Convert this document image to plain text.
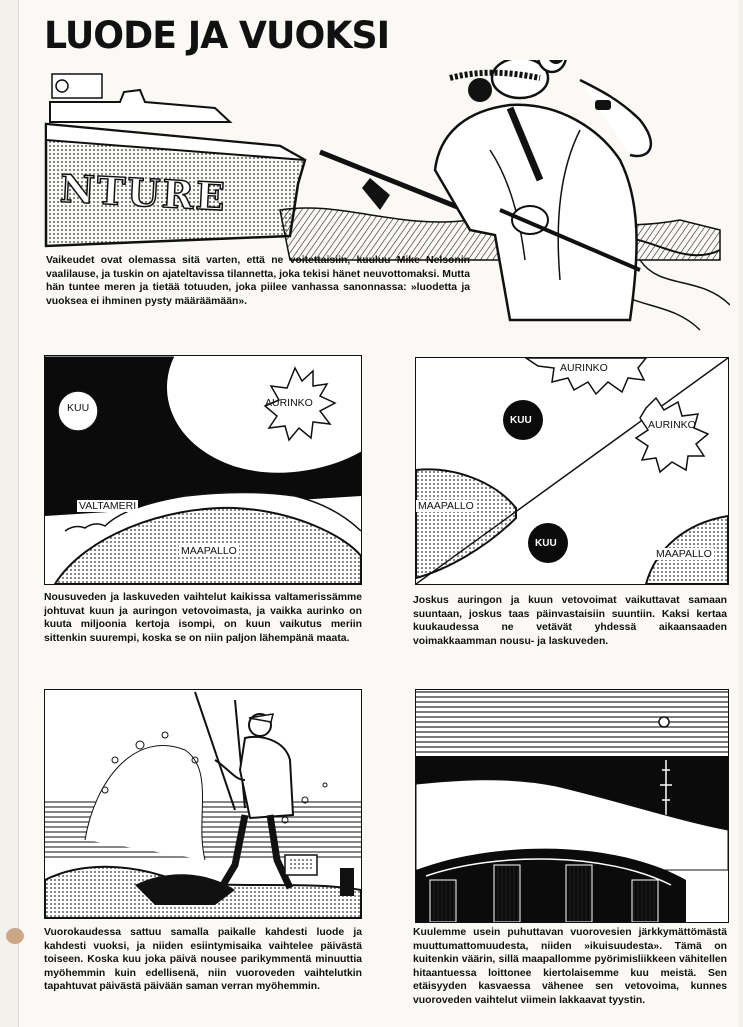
LUODE JA VUOKSI
NTURE

Vaikeudet ovat olemassa sitä varten, että ne voitettaisiin, kuuluu Mike Nelsonin vaalilause, ja tuskin on ajateltavissa tilannetta, joka tekisi hänet neuvottomaksi. Mutta hän tuntee meren ja tietää totuuden, joka piilee vanhassa sanonnassa: »luodetta ja vuoksea ei ihminen pysty määräämään».

KUU	AURINKO
VALTAMERI
MAAPALLO

Nousuveden ja laskuveden vaihtelut kaikissa valtamerissämme johtuvat kuun ja auringon vetovoimasta, ja vaikka aurinko on kuuta miljoonia kertoja isompi, on kuun vaikutus meriin sittenkin suurempi, koska se on niin paljon lähempänä maata.

AURINKO
AURINKO
KUU
KUU
MAAPALLO
MAAPALLO

Joskus auringon ja kuun vetovoimat vaikuttavat samaan suuntaan, joskus taas päinvastaisiin suuntiin. Kaksi kertaa kuukaudessa ne vetävät yhdessä aikaansaaden voimakkaamman nousu- ja laskuveden.

Vuorokaudessa sattuu samalla paikalle kahdesti luode ja kahdesti vuoksi, ja niiden esiintymisaika vaihtelee päivästä toiseen. Koska kuu joka päivä nousee parikymmentä minuuttia myöhemmin kuin edellisenä, niin vuoroveden vaihtelutkin tapahtuvat päivästä päivään saman verran myöhemmin.

Kuulemme usein puhuttavan vuorovesien järkkymättömästä muuttumattomuudesta, niiden »ikuisuudesta». Tämä on kuitenkin väärin, sillä maapallomme pyörimisliikkeen vähitellen hitaantuessa loittonee kiertolaisemme kuu meistä. Sen etäisyyden kasvaessa vähenee sen vetovoima, kunnes vuoroveden vaihtelut viimein lakkaavat tyystin.
